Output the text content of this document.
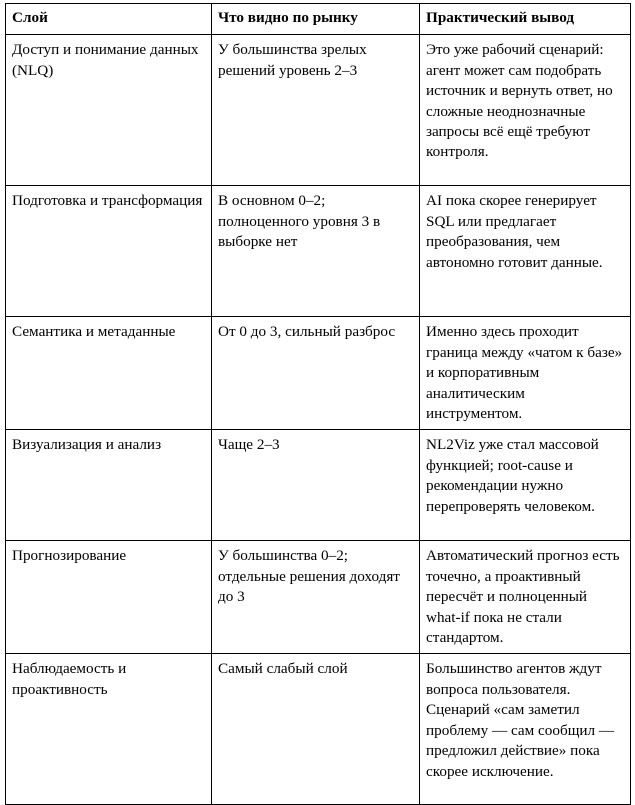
Слой	Что видно по рынку	Практический вывод
Доступ и понимание данных (NLQ)	У большинства зрелых решений уровень 2–3	Это уже рабочий сценарий: агент может сам подобрать источник и вернуть ответ, но сложные неоднозначные запросы всё ещё требуют контроля.
Подготовка и трансформация	В основном 0–2; полноценного уровня 3 в выборке нет	AI пока скорее генерирует SQL или предлагает преобразования, чем автономно готовит данные.
Семантика и метаданные	От 0 до 3, сильный разброс	Именно здесь проходит граница между «чатом к базе» и корпоративным аналитическим инструментом.
Визуализация и анализ	Чаще 2–3	NL2Viz уже стал массовой функцией; root-cause и рекомендации нужно перепроверять человеком.
Прогнозирование	У большинства 0–2; отдельные решения доходят до 3	Автоматический прогноз есть точечно, а проактивный пересчёт и полноценный what-if пока не стали стандартом.
Наблюдаемость и проактивность	Самый слабый слой	Большинство агентов ждут вопроса пользователя. Сценарий «сам заметил проблему — сам сообщил — предложил действие» пока скорее исключение.
